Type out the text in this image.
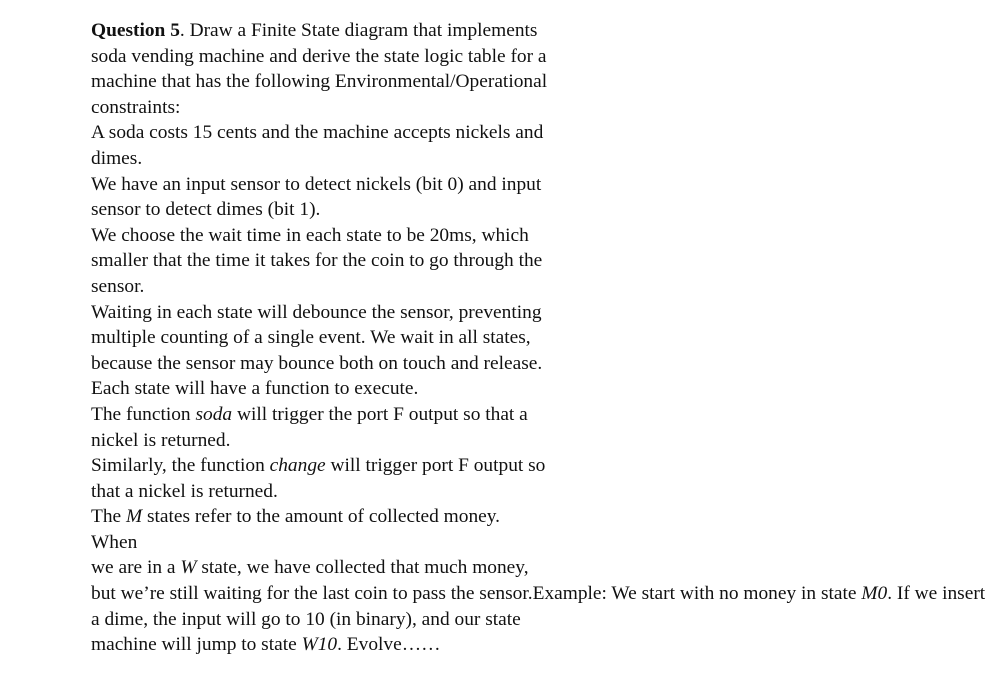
Question 5. Draw a Finite State diagram that implements
soda vending machine and derive the state logic table for a
machine that has the following Environmental/Operational
constraints:
A soda costs 15 cents and the machine accepts nickels and
dimes.
We have an input sensor to detect nickels (bit 0) and input
sensor to detect dimes (bit 1).
We choose the wait time in each state to be 20ms, which
smaller that the time it takes for the coin to go through the
sensor.
Waiting in each state will debounce the sensor, preventing
multiple counting of a single event. We wait in all states,
because the sensor may bounce both on touch and release.
Each state will have a function to execute.
The function soda will trigger the port F output so that a
nickel is returned.
Similarly, the function change will trigger port F output so
that a nickel is returned.
The M states refer to the amount of collected money.
When
we are in a W state, we have collected that much money,
but we’re still waiting for the last coin to pass the sensor.Example: We start with no money in state M0. If we insert
a dime, the input will go to 10 (in binary), and our state
machine will jump to state W10. Evolve……
